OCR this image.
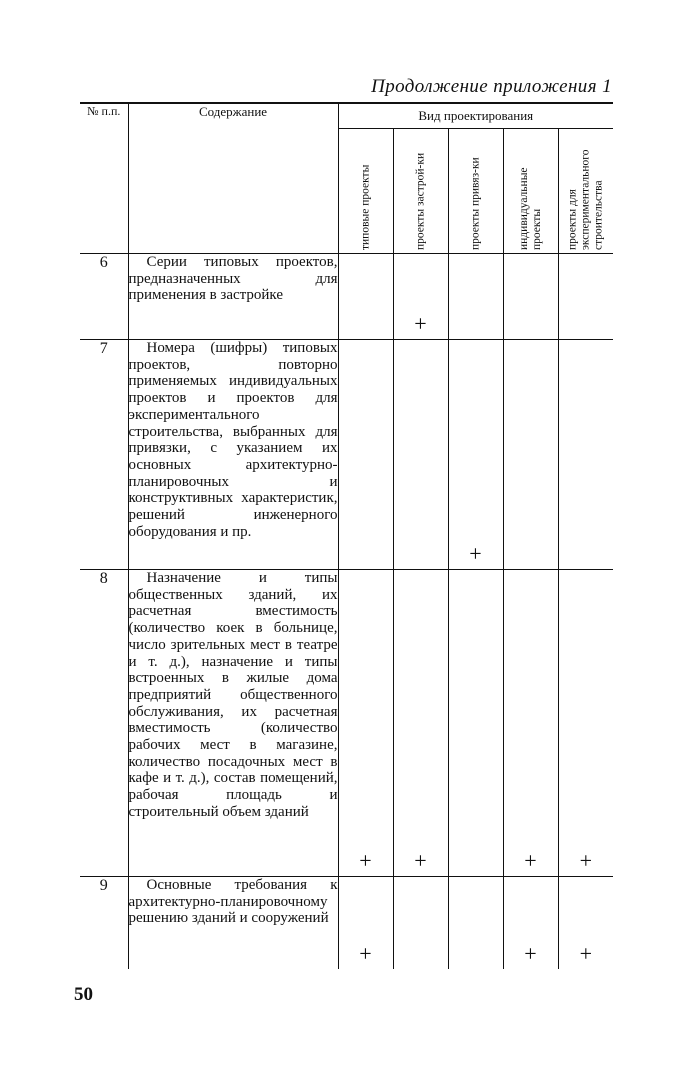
Продолжение приложения 1
№ п.п.	Содержание	Вид проектирования				

		типовые проекты	проекты застрой-ки	проекты привяз-ки	индивидуальные проекты	проекты для экспериментального строительства

6	Серии типовых проектов, предназначенных для применения в застройке		+			

7	Номера (шифры) типовых проектов, повторно применяемых индивидуальных проектов и проектов для экспериментального строительства, выбранных для привязки, с указанием их основных архитектурно-планировочных и конструктивных характеристик, решений инженерного оборудования и пр.			+		

8	Назначение и типы общественных зданий, их расчетная вместимость (количество коек в больнице, число зрительных мест в театре и т. д.), назначение и типы встроенных в жилые дома предприятий общественного обслуживания, их расчетная вместимость (количество рабочих мест в магазине, количество посадочных мест в кафе и т. д.), состав помещений, рабочая площадь и строительный объем зданий	+	+		+	+

9	Основные требования к архитектурно-планировочному решению зданий и сооружений	+			+	+
50
